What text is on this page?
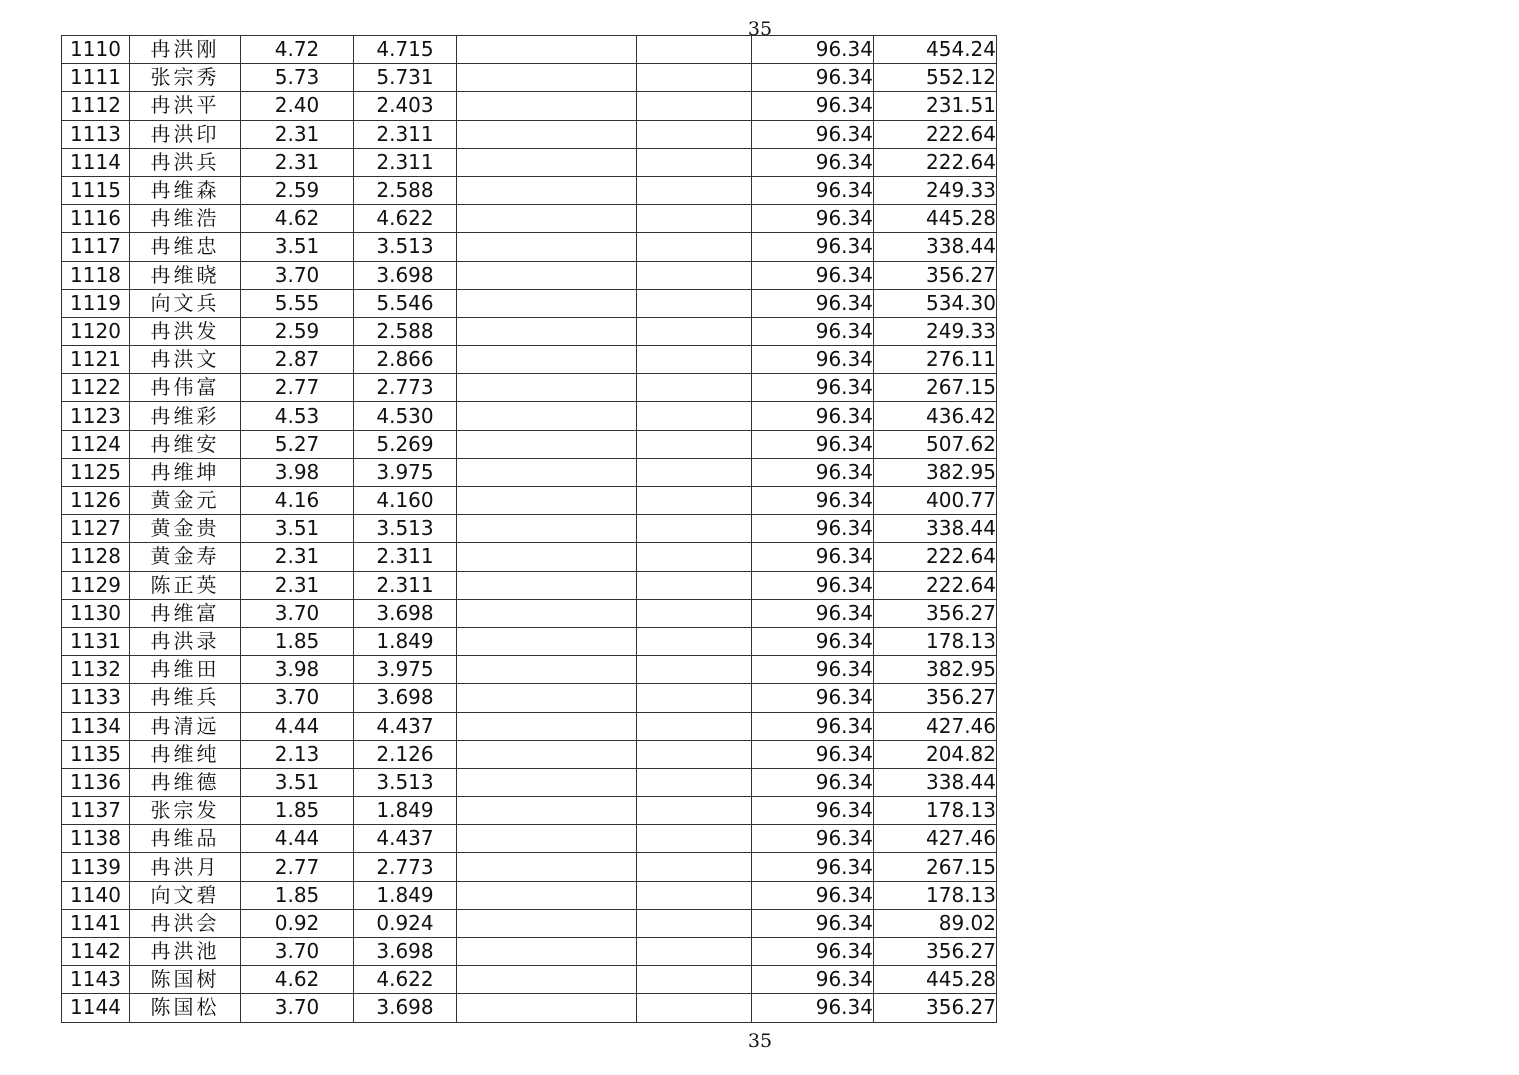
35
1110	冉洪刚	4.72	4.715			96.34	454.24
1111	张宗秀	5.73	5.731			96.34	552.12
1112	冉洪平	2.40	2.403			96.34	231.51
1113	冉洪印	2.31	2.311			96.34	222.64
1114	冉洪兵	2.31	2.311			96.34	222.64
1115	冉维森	2.59	2.588			96.34	249.33
1116	冉维浩	4.62	4.622			96.34	445.28
1117	冉维忠	3.51	3.513			96.34	338.44
1118	冉维晓	3.70	3.698			96.34	356.27
1119	向文兵	5.55	5.546			96.34	534.30
1120	冉洪发	2.59	2.588			96.34	249.33
1121	冉洪文	2.87	2.866			96.34	276.11
1122	冉伟富	2.77	2.773			96.34	267.15
1123	冉维彩	4.53	4.530			96.34	436.42
1124	冉维安	5.27	5.269			96.34	507.62
1125	冉维坤	3.98	3.975			96.34	382.95
1126	黄金元	4.16	4.160			96.34	400.77
1127	黄金贵	3.51	3.513			96.34	338.44
1128	黄金寿	2.31	2.311			96.34	222.64
1129	陈正英	2.31	2.311			96.34	222.64
1130	冉维富	3.70	3.698			96.34	356.27
1131	冉洪录	1.85	1.849			96.34	178.13
1132	冉维田	3.98	3.975			96.34	382.95
1133	冉维兵	3.70	3.698			96.34	356.27
1134	冉清远	4.44	4.437			96.34	427.46
1135	冉维纯	2.13	2.126			96.34	204.82
1136	冉维德	3.51	3.513			96.34	338.44
1137	张宗发	1.85	1.849			96.34	178.13
1138	冉维品	4.44	4.437			96.34	427.46
1139	冉洪月	2.77	2.773			96.34	267.15
1140	向文碧	1.85	1.849			96.34	178.13
1141	冉洪会	0.92	0.924			96.34	89.02
1142	冉洪池	3.70	3.698			96.34	356.27
1143	陈国树	4.62	4.622			96.34	445.28
1144	陈国松	3.70	3.698			96.34	356.27
35
